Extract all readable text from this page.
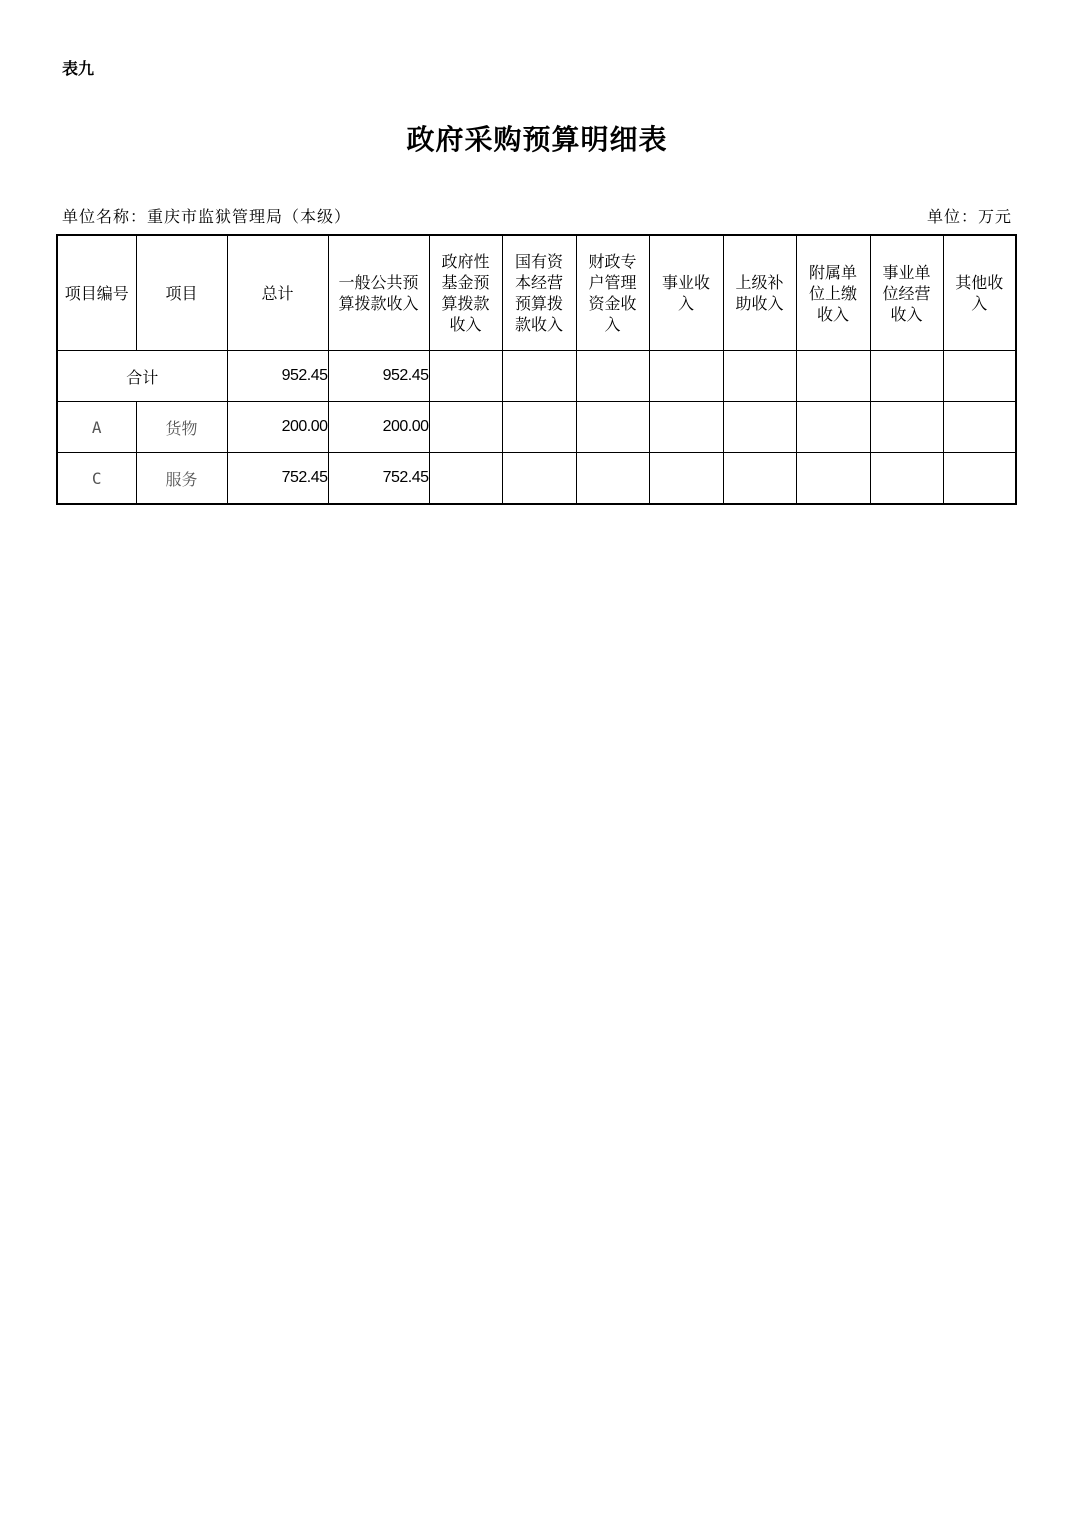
表九
政府采购预算明细表
单位名称：重庆市监狱管理局（本级）	单位：万元
项目编号	项目	总计	一般公共预算拨款收入	政府性基金预算拨款收入	国有资本经营预算拨款收入	财政专户管理资金收入	事业收入	上级补助收入	附属单位上缴收入	事业单位经营收入	其他收入
合计		952.45	952.45								
A	货物	200.00	200.00								
C	服务	752.45	752.45								
